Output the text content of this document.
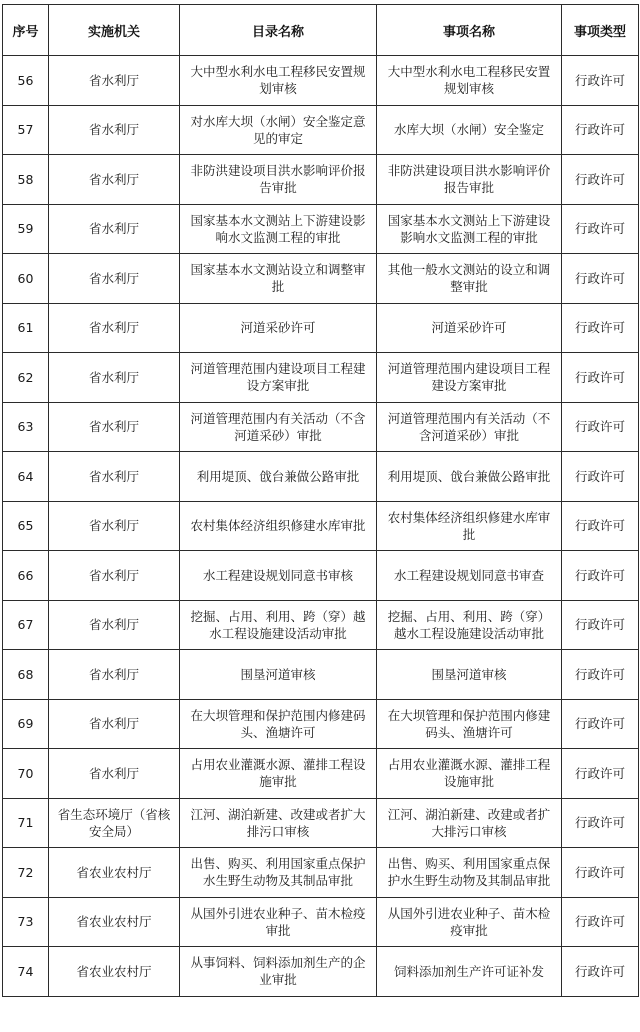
序号	实施机关	目录名称	事项名称	事项类型
56	省水利厅	大中型水利水电工程移民安置规划审核	大中型水利水电工程移民安置规划审核	行政许可
57	省水利厅	对水库大坝（水闸）安全鉴定意见的审定	水库大坝（水闸）安全鉴定	行政许可
58	省水利厅	非防洪建设项目洪水影响评价报告审批	非防洪建设项目洪水影响评价报告审批	行政许可
59	省水利厅	国家基本水文测站上下游建设影响水文监测工程的审批	国家基本水文测站上下游建设影响水文监测工程的审批	行政许可
60	省水利厅	国家基本水文测站设立和调整审批	其他一般水文测站的设立和调整审批	行政许可
61	省水利厅	河道采砂许可	河道采砂许可	行政许可
62	省水利厅	河道管理范围内建设项目工程建设方案审批	河道管理范围内建设项目工程建设方案审批	行政许可
63	省水利厅	河道管理范围内有关活动（不含河道采砂）审批	河道管理范围内有关活动（不含河道采砂）审批	行政许可
64	省水利厅	利用堤顶、戗台兼做公路审批	利用堤顶、戗台兼做公路审批	行政许可
65	省水利厅	农村集体经济组织修建水库审批	农村集体经济组织修建水库审批	行政许可
66	省水利厅	水工程建设规划同意书审核	水工程建设规划同意书审查	行政许可
67	省水利厅	挖掘、占用、利用、跨（穿）越水工程设施建设活动审批	挖掘、占用、利用、跨（穿）越水工程设施建设活动审批	行政许可
68	省水利厅	围垦河道审核	围垦河道审核	行政许可
69	省水利厅	在大坝管理和保护范围内修建码头、渔塘许可	在大坝管理和保护范围内修建码头、渔塘许可	行政许可
70	省水利厅	占用农业灌溉水源、灌排工程设施审批	占用农业灌溉水源、灌排工程设施审批	行政许可
71	省生态环境厅（省核安全局）	江河、湖泊新建、改建或者扩大排污口审核	江河、湖泊新建、改建或者扩大排污口审核	行政许可
72	省农业农村厅	出售、购买、利用国家重点保护水生野生动物及其制品审批	出售、购买、利用国家重点保护水生野生动物及其制品审批	行政许可
73	省农业农村厅	从国外引进农业种子、苗木检疫审批	从国外引进农业种子、苗木检疫审批	行政许可
74	省农业农村厅	从事饲料、饲料添加剂生产的企业审批	饲料添加剂生产许可证补发	行政许可
